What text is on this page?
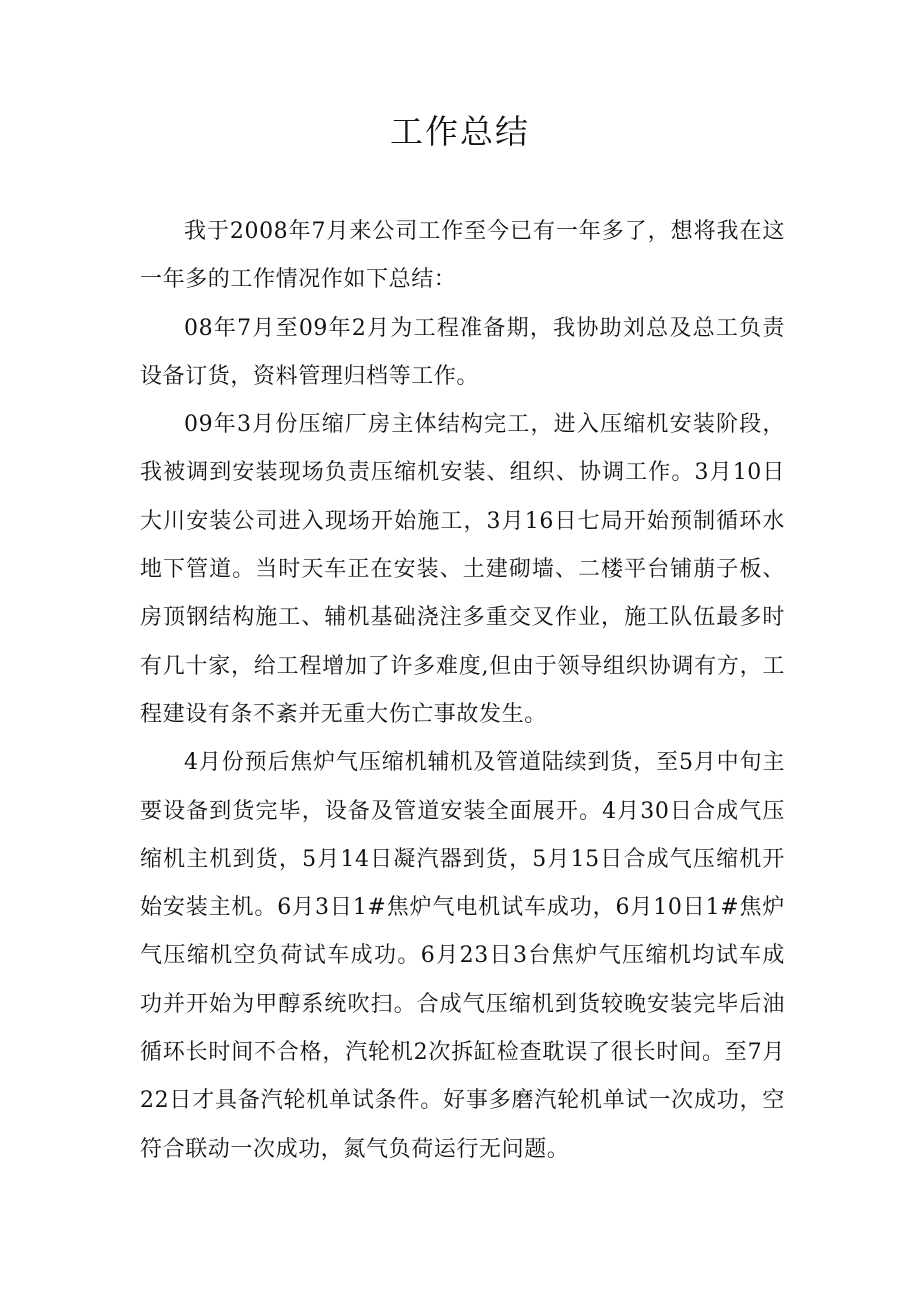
工作总结

我于2008年7月来公司工作至今已有一年多了，想将我在这一年多的工作情况作如下总结：

08年7月至09年2月为工程准备期，我协助刘总及总工负责设备订货，资料管理归档等工作。

09年3月份压缩厂房主体结构完工，进入压缩机安装阶段，我被调到安装现场负责压缩机安装、组织、协调工作。3月10日大川安装公司进入现场开始施工，3月16日七局开始预制循环水地下管道。当时天车正在安装、土建砌墙、二楼平台铺萠子板、房顶钢结构施工、辅机基础浇注多重交叉作业，施工队伍最多时有几十家，给工程增加了许多难度,但由于领导组织协调有方，工程建设有条不紊并无重大伤亡事故发生。

4月份预后焦炉气压缩机辅机及管道陆续到货，至5月中旬主要设备到货完毕，设备及管道安装全面展开。4月30日合成气压缩机主机到货，5月14日凝汽器到货，5月15日合成气压缩机开始安装主机。6月3日1#焦炉气电机试车成功，6月10日1#焦炉气压缩机空负荷试车成功。6月23日3台焦炉气压缩机均试车成功并开始为甲醇系统吹扫。合成气压缩机到货较晚安装完毕后油循环长时间不合格，汽轮机2次拆缸检查耽误了很长时间。至7月22日才具备汽轮机单试条件。好事多磨汽轮机单试一次成功，空符合联动一次成功，氮气负荷运行无问题。
